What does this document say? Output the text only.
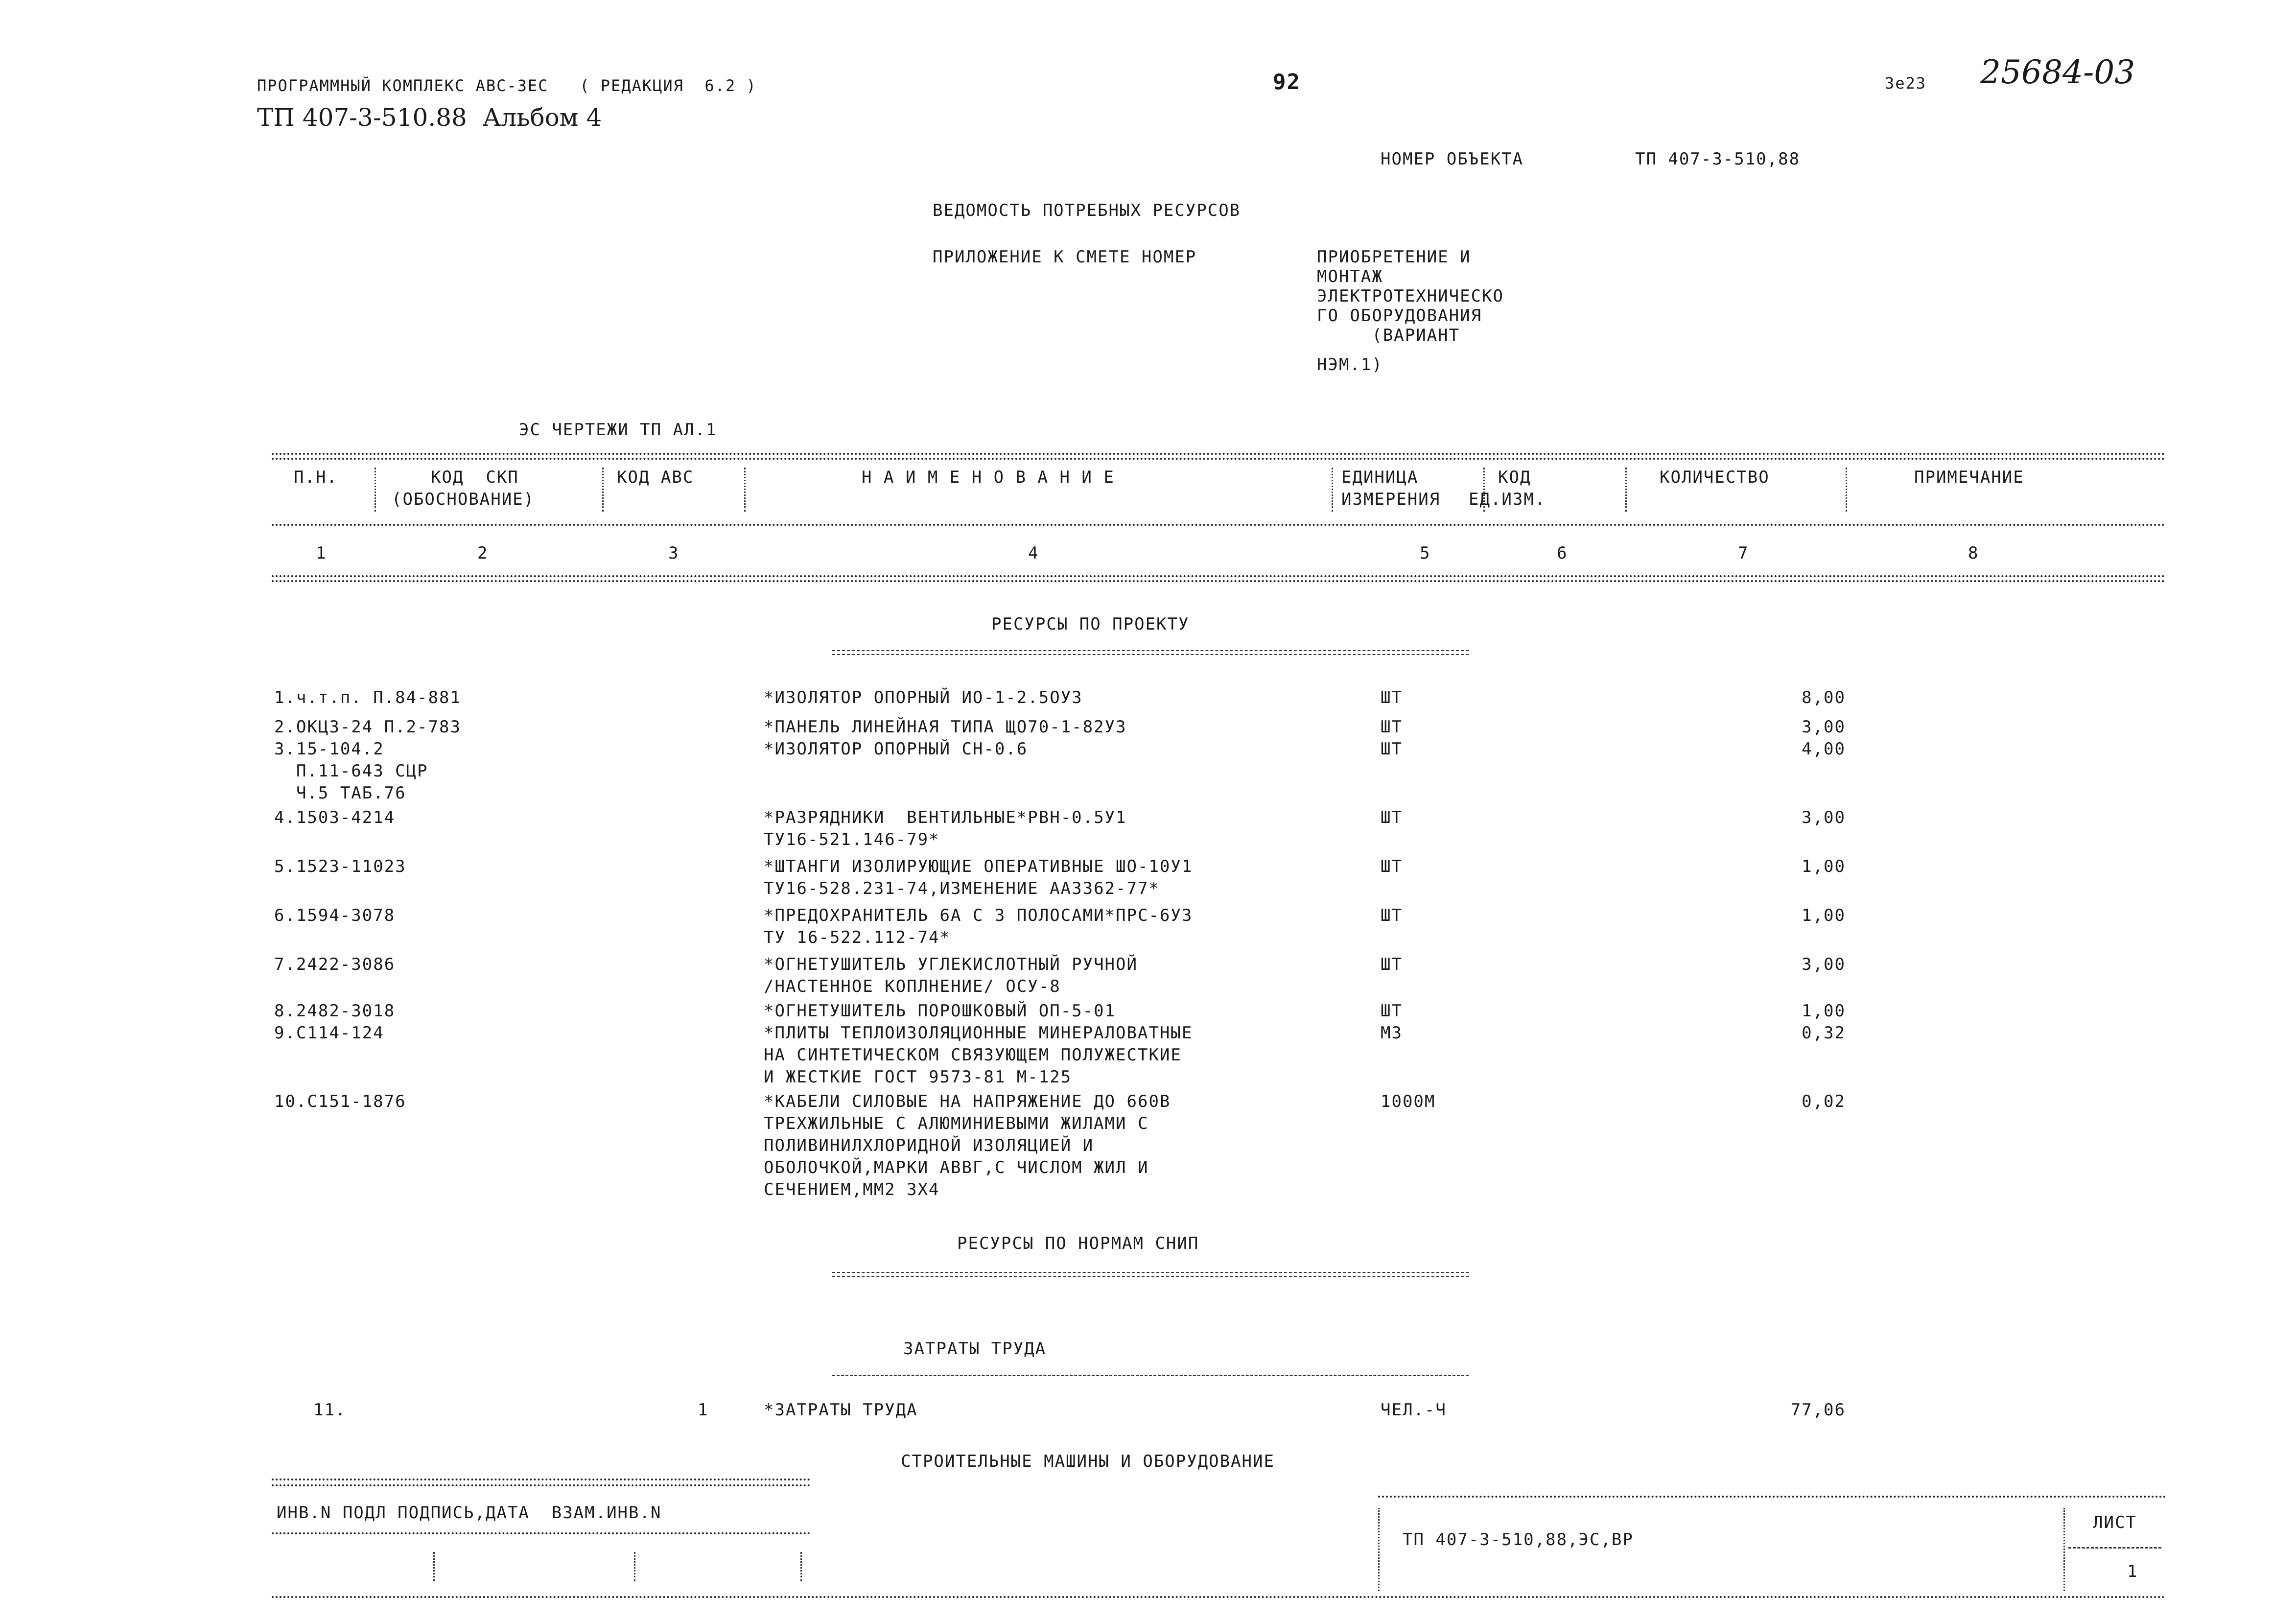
ПРОГРАММНЫЙ КОМПЛЕКС АВС-ЗЕС   ( РЕДАКЦИЯ  6.2 )
ТП 407-3-510.88  Альбом 4
92	3е23 25684-03
НОМЕР ОБЪЕКТА	ТП 407-3-510,88
ВЕДОМОСТЬ ПОТРЕБНЫХ РЕСУРСОВ
ПРИЛОЖЕНИЕ К СМЕТЕ НОМЕР	ПРИОБРЕТЕНИЕ И
МОНТАЖ
ЭЛЕКТРОТЕХНИЧЕСКО
ГО ОБОРУДОВАНИЯ
(ВАРИАНТ
НЭМ.1)
ЭС ЧЕРТЕЖИ ТП АЛ.1
П.Н.	КОД  СКП
(ОБОСНОВАНИЕ)
КОД АВС	Н А И М Е Н О В А Н И Е	ЕДИНИЦА
ИЗМЕРЕНИЯ
КОД
ЕД.ИЗМ.
КОЛИЧЕСТВО	ПРИМЕЧАНИЕ
1	2	3	4	5	6	7	8
РЕСУРСЫ ПО ПРОЕКТУ
1.ч.т.п. П.84-881	*ИЗОЛЯТОР ОПОРНЫЙ ИО-1-2.5ОУЗ	ШТ	8,00
2.ОКЦЗ-24 П.2-783	*ПАНЕЛЬ ЛИНЕЙНАЯ ТИПА ЩО70-1-82УЗ	ШТ	3,00
3.15-104.2
П.11-643 СЦР
Ч.5 ТАБ.76
*ИЗОЛЯТОР ОПОРНЫЙ СН-0.6	ШТ	4,00
4.1503-4214	*РАЗРЯДНИКИ  ВЕНТИЛЬНЫЕ*РВН-0.5У1
ТУ16-521.146-79*
ШТ	3,00
5.1523-11023	*ШТАНГИ ИЗОЛИРУЮЩИЕ ОПЕРАТИВНЫЕ ШО-10У1
ТУ16-528.231-74,ИЗМЕНЕНИЕ АА3362-77*
ШТ	1,00
6.1594-3078	*ПРЕДОХРАНИТЕЛЬ 6А С 3 ПОЛОСАМИ*ПРС-6УЗ
ТУ 16-522.112-74*
ШТ	1,00
7.2422-3086	*ОГНЕТУШИТЕЛЬ УГЛЕКИСЛОТНЫЙ РУЧНОЙ
/НАСТЕННОЕ КОПЛНЕНИЕ/ ОСУ-8
ШТ	3,00
8.2482-3018	*ОГНЕТУШИТЕЛЬ ПОРОШКОВЫЙ ОП-5-01	ШТ	1,00
9.С114-124	*ПЛИТЫ ТЕПЛОИЗОЛЯЦИОННЫЕ МИНЕРАЛОВАТНЫЕ
НА СИНТЕТИЧЕСКОМ СВЯЗУЮЩЕМ ПОЛУЖЕСТКИЕ
И ЖЕСТКИЕ ГОСТ 9573-81 М-125
М3	0,32
10.С151-1876	*КАБЕЛИ СИЛОВЫЕ НА НАПРЯЖЕНИЕ ДО 660В
ТРЕХЖИЛЬНЫЕ С АЛЮМИНИЕВЫМИ ЖИЛАМИ С
ПОЛИВИНИЛХЛОРИДНОЙ ИЗОЛЯЦИЕЙ И
ОБОЛОЧКОЙ,МАРКИ АВВГ,С ЧИСЛОМ ЖИЛ И
СЕЧЕНИЕМ,ММ2 3Х4
1000М	0,02
РЕСУРСЫ ПО НОРМАМ СНИП
ЗАТРАТЫ ТРУДА
11.	1	*ЗАТРАТЫ ТРУДА	ЧЕЛ.-Ч	77,06
СТРОИТЕЛЬНЫЕ МАШИНЫ И ОБОРУДОВАНИЕ
ИНВ.N ПОДЛ ПОДПИСЬ,ДАТА  ВЗАМ.ИНВ.N
ТП 407-3-510,88,ЭС,ВР
ЛИСТ
1
